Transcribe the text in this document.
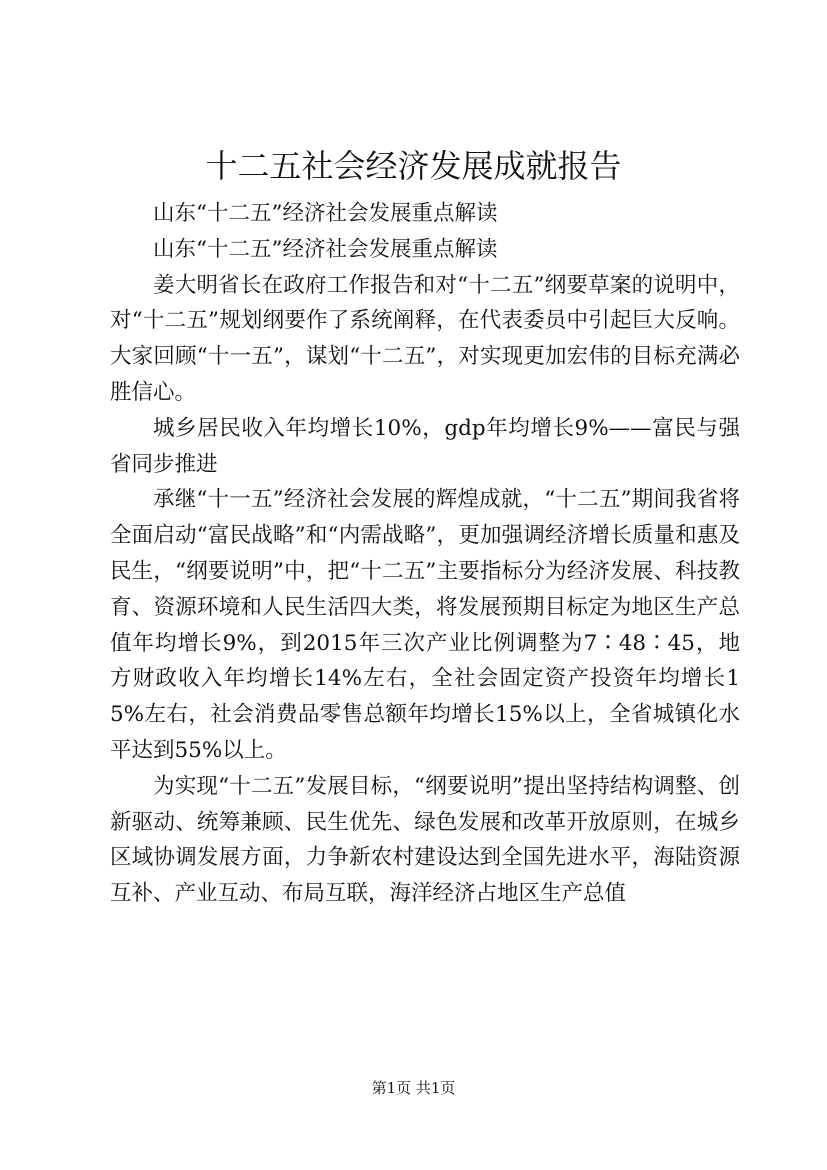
十二五社会经济发展成就报告

山东“十二五”经济社会发展重点解读

山东“十二五”经济社会发展重点解读

姜大明省长在政府工作报告和对“十二五”纲要草案的说明中，对“十二五”规划纲要作了系统阐释，在代表委员中引起巨大反响。大家回顾“十一五”，谋划“十二五”，对实现更加宏伟的目标充满必胜信心。

城乡居民收入年均增长10%，gdp年均增长9%——富民与强省同步推进

承继“十一五”经济社会发展的辉煌成就，“十二五”期间我省将全面启动“富民战略”和“内需战略”，更加强调经济增长质量和惠及民生，“纲要说明”中，把“十二五”主要指标分为经济发展、科技教育、资源环境和人民生活四大类，将发展预期目标定为地区生产总值年均增长9%，到2015年三次产业比例调整为7∶48∶45，地方财政收入年均增长14%左右，全社会固定资产投资年均增长15%左右，社会消费品零售总额年均增长15%以上，全省城镇化水平达到55%以上。

为实现“十二五”发展目标，“纲要说明”提出坚持结构调整、创新驱动、统筹兼顾、民生优先、绿色发展和改革开放原则，在城乡区域协调发展方面，力争新农村建设达到全国先进水平，海陆资源互补、产业互动、布局互联，海洋经济占地区生产总值

第1页 共1页
